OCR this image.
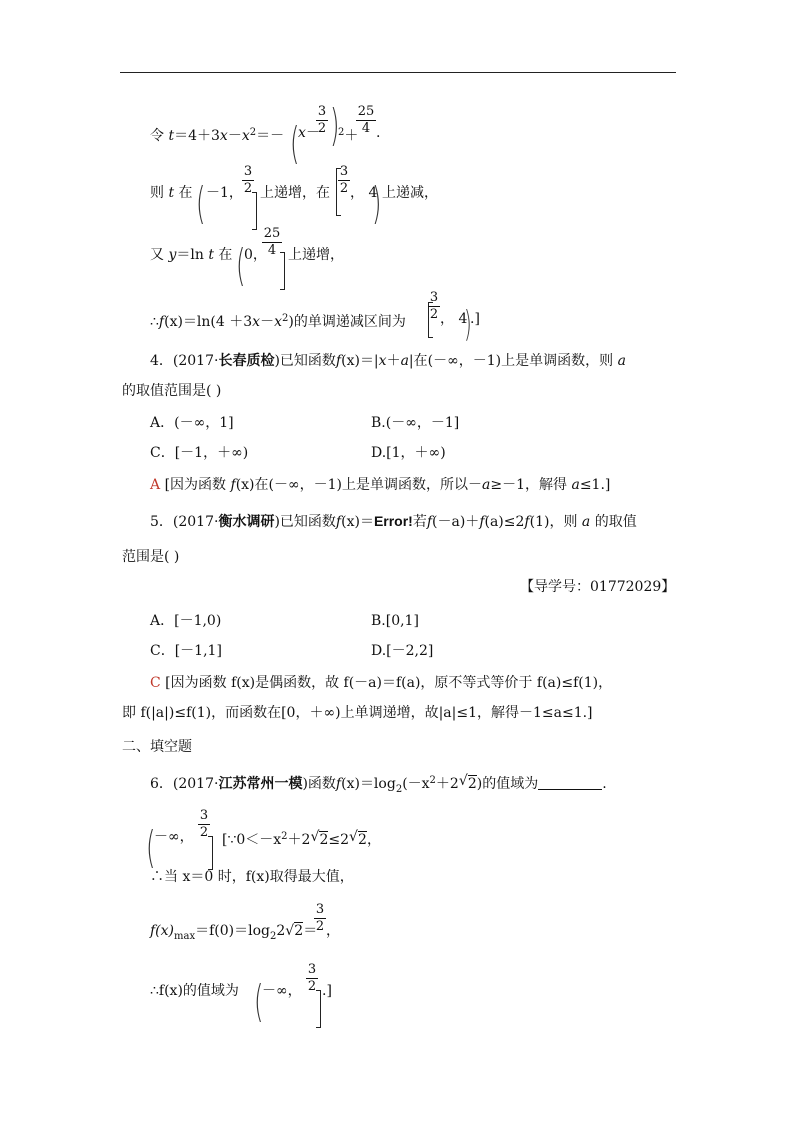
令 $t=4+3x-x^2=-$ (
x －
3
2 )
$^2$＋
25
4 .
则 t 在 ( －1，
3
2 上递增，在
3
2 ， 4
) 上递减，
又 y＝ln t 在 (
0，
25
4 上递增，
∴f(x)＝ln(4 $+3x-x^2$)的单调递减区间为
3
2 ， 4
)
.]
4．(2017·长春质检)已知函数f(x)＝|x＋a|在(－∞，－1)上是单调函数，则 a
的取值范围是( )
A．(－∞，1]	B.(－∞，－1]
C．[－1，＋∞)	D.[1，＋∞)
A [因为函数 f(x)在(－∞，－1)上是单调函数，所以－a≥－1，解得 a≤1.]
5．(2017·衡水调研)已知函数f(x)＝Error!若f(－a)＋f(a)≤2f(1)，则 a 的取值
范围是( )
【导学号：01772029】
A．[－1,0)	B.[0,1]
C．[－1,1]	D.[－2,2]
C [因为函数 f(x)是偶函数，故 f(－a)＝f(a)，原不等式等价于 f(a)≤f(1)，
即 f(|a|)≤f(1)，而函数在[0，＋∞)上单调递增，故|a|≤1，解得－1≤a≤1.]
二、填空题
6．(2017·江苏常州一模)函数$f(x)=\log_2(-x^2+2$ √ 2)的值域为	.
(
－∞，
3
2 [$\because 0<-x^2+2$ √ 2≤2 √ 2，
∴当 x＝0 时，f(x)取得最大值，
$f(x)_{max}=f(0)=\log_22$ √ 2＝
3
2 ，
∴f(x)的值域为 (
－∞，
3
2 .]
